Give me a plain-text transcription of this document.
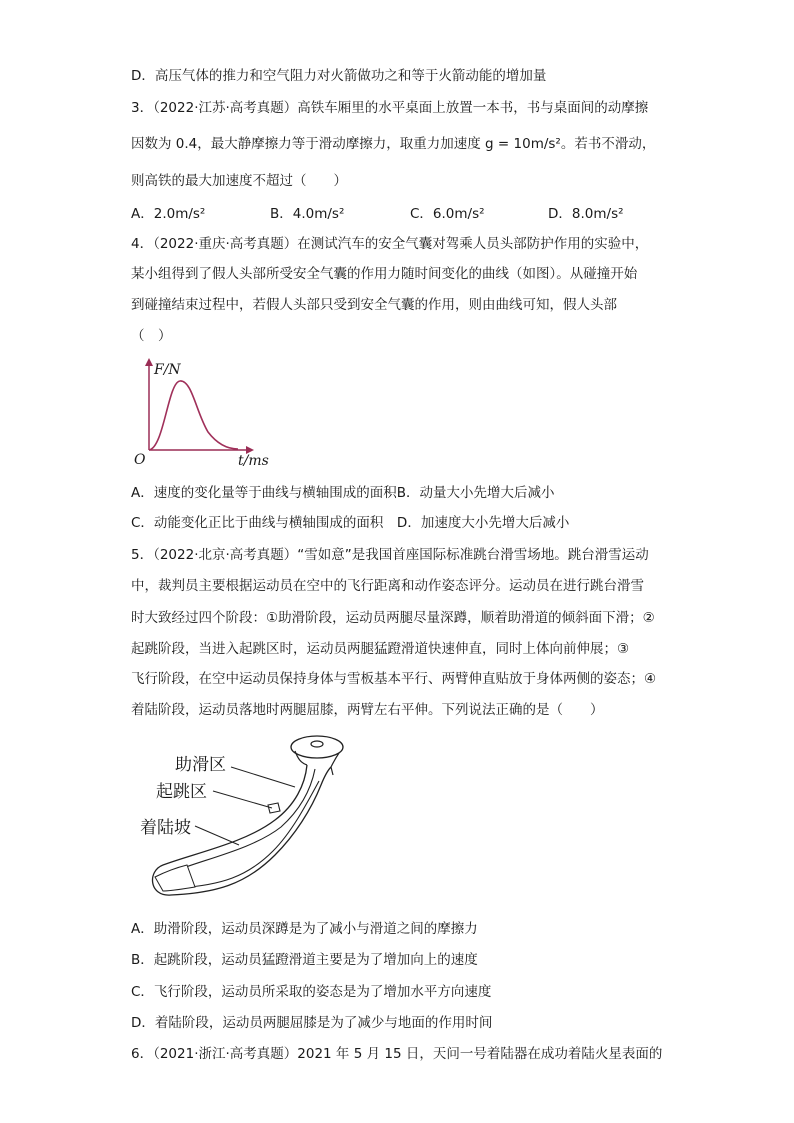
D．高压气体的推力和空气阻力对火箭做功之和等于火箭动能的增加量
3．（2022·江苏·高考真题）高铁车厢里的水平桌面上放置一本书，书与桌面间的动摩擦
因数为 0.4，最大静摩擦力等于滑动摩擦力，取重力加速度 g = 10m/s²。若书不滑动，
则高铁的最大加速度不超过（　　）
A．2.0m/s²	B．4.0m/s²	C．6.0m/s²	D．8.0m/s²
4．（2022·重庆·高考真题）在测试汽车的安全气囊对驾乘人员头部防护作用的实验中，
某小组得到了假人头部所受安全气囊的作用力随时间变化的曲线（如图）。从碰撞开始
到碰撞结束过程中，若假人头部只受到安全气囊的作用，则由曲线可知，假人头部
（　）
F/N
t/ms
O
A．速度的变化量等于曲线与横轴围成的面积B．动量大小先增大后减小
C．动能变化正比于曲线与横轴围成的面积　D．加速度大小先增大后减小
5．（2022·北京·高考真题）“雪如意”是我国首座国际标准跳台滑雪场地。跳台滑雪运动
中，裁判员主要根据运动员在空中的飞行距离和动作姿态评分。运动员在进行跳台滑雪
时大致经过四个阶段：①助滑阶段，运动员两腿尽量深蹲，顺着助滑道的倾斜面下滑；②
起跳阶段，当进入起跳区时，运动员两腿猛蹬滑道快速伸直，同时上体向前伸展；③
飞行阶段，在空中运动员保持身体与雪板基本平行、两臂伸直贴放于身体两侧的姿态；④
着陆阶段，运动员落地时两腿屈膝，两臂左右平伸。下列说法正确的是（　　）
助滑区
起跳区
着陆坡
A．助滑阶段，运动员深蹲是为了减小与滑道之间的摩擦力
B．起跳阶段，运动员猛蹬滑道主要是为了增加向上的速度
C．飞行阶段，运动员所采取的姿态是为了增加水平方向速度
D．着陆阶段，运动员两腿屈膝是为了减少与地面的作用时间
6．（2021·浙江·高考真题）2021 年 5 月 15 日，天问一号着陆器在成功着陆火星表面的
